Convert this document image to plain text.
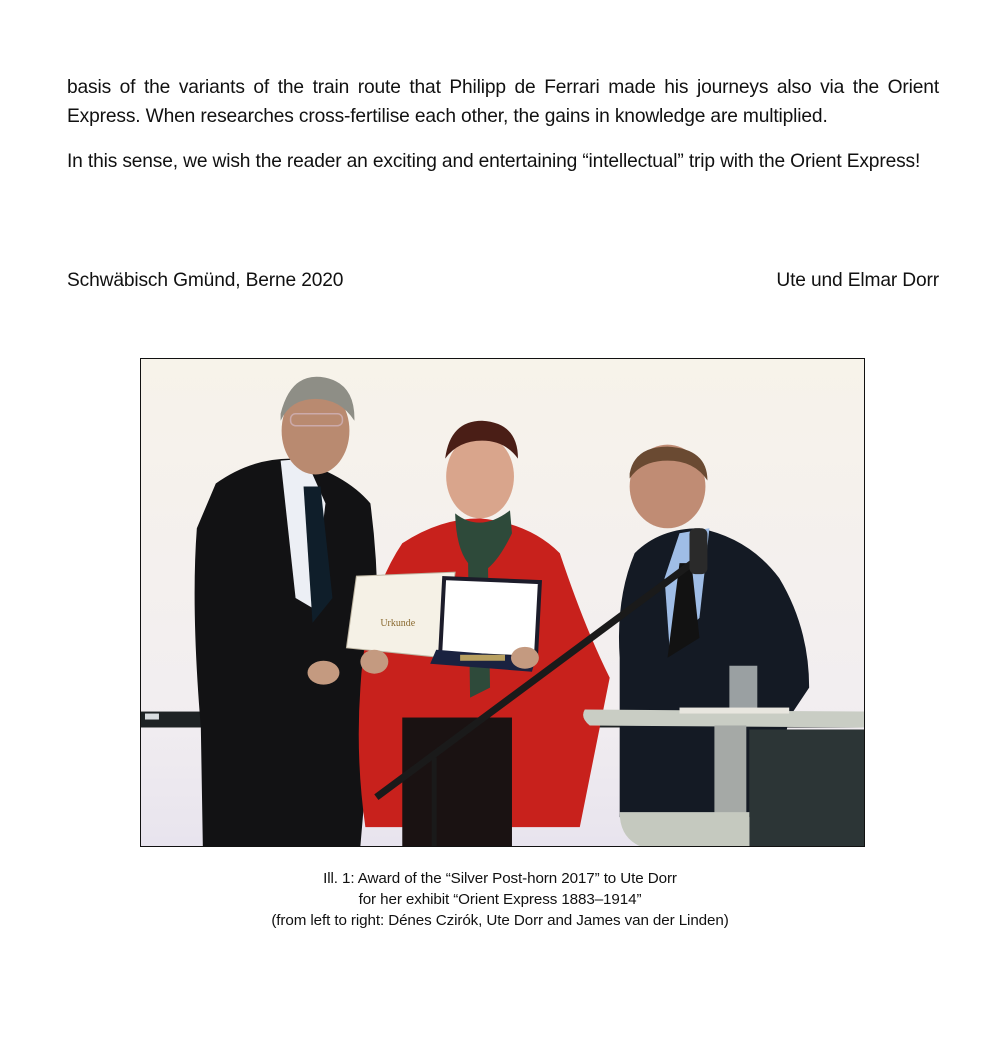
basis of the variants of the train route that Philipp de Ferrari made his journeys also via the Orient Express. When researches cross-fertilise each other, the gains in knowledge are multiplied.

In this sense, we wish the reader an exciting and entertaining “intellectual” trip with the Orient Express!

Schwäbisch Gmünd, Berne 2020	Ute und Elmar Dorr
Urkunde
Ill. 1: Award of the “Silver Post-horn 2017” to Ute Dorr
for her exhibit “Orient Express 1883–1914”
(from left to right: Dénes Czirók, Ute Dorr and James van der Linden)
